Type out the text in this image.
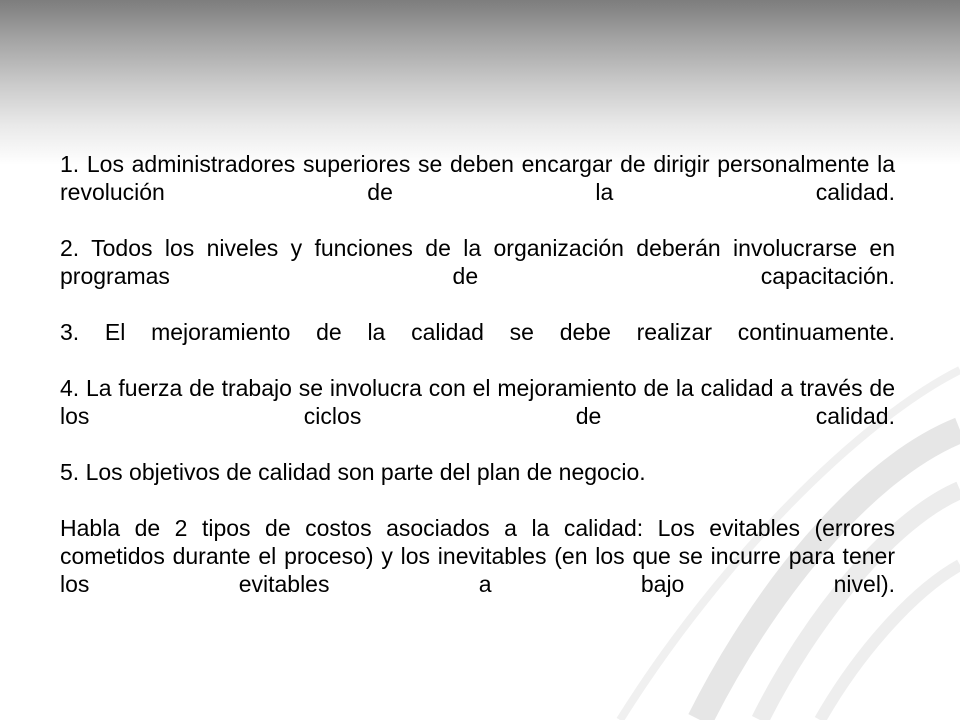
1. Los administradores superiores se deben encargar de dirigir personalmente la revolución de la calidad.

2. Todos los niveles y funciones de la organización deberán involucrarse en programas de capacitación.

3. El mejoramiento de la calidad se debe realizar continuamente.

4. La fuerza de trabajo se involucra con el mejoramiento de la calidad a través de los ciclos de calidad.

5. Los objetivos de calidad son parte del plan de negocio.

Habla de 2 tipos de costos asociados a la calidad: Los evitables (errores cometidos durante el proceso) y los inevitables (en los que se incurre para tener los evitables a bajo nivel).
